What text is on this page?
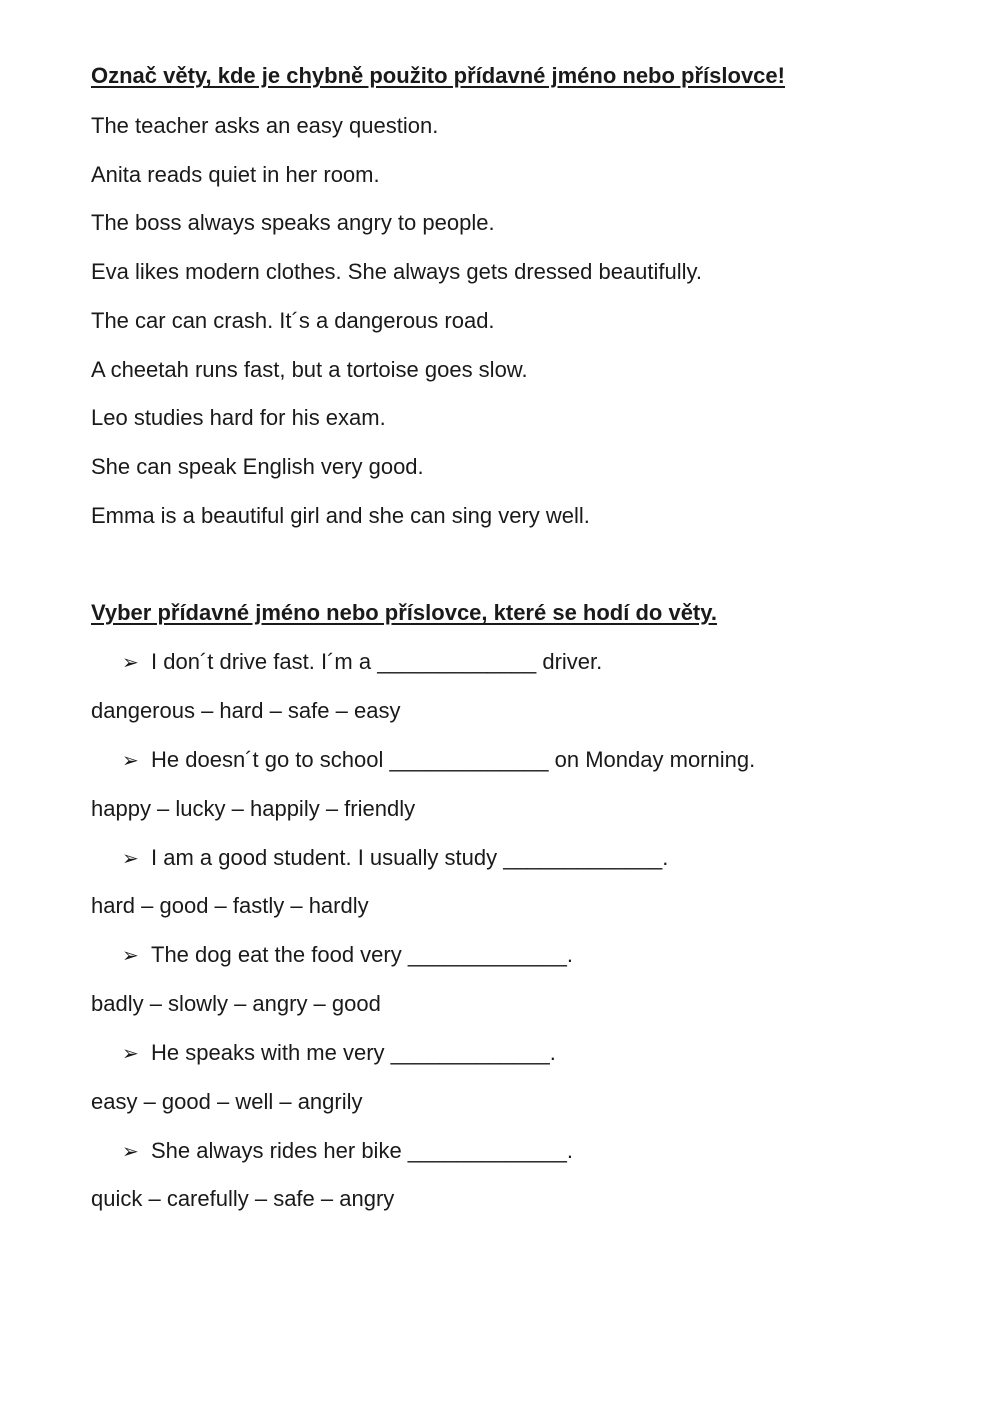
Označ věty, kde je chybně použito přídavné jméno nebo příslovce!

The teacher asks an easy question.

Anita reads quiet in her room.

The boss always speaks angry to people.

Eva likes modern clothes. She always gets dressed beautifully.

The car can crash. It´s a dangerous road.

A cheetah runs fast, but a tortoise goes slow.

Leo studies hard for his exam.

She can speak English very good.

Emma is a beautiful girl and she can sing very well.

Vyber přídavné jméno nebo příslovce, které se hodí do věty.

➢ I don´t drive fast. I´m a _____________ driver.

dangerous – hard – safe – easy

➢ He doesn´t go to school _____________ on Monday morning.

happy – lucky – happily – friendly

➢ I am a good student. I usually study _____________.

hard – good – fastly – hardly

➢ The dog eat the food very _____________.

badly – slowly – angry – good

➢ He speaks with me very _____________.

easy – good – well – angrily

➢ She always rides her bike _____________.

quick – carefully – safe – angry
